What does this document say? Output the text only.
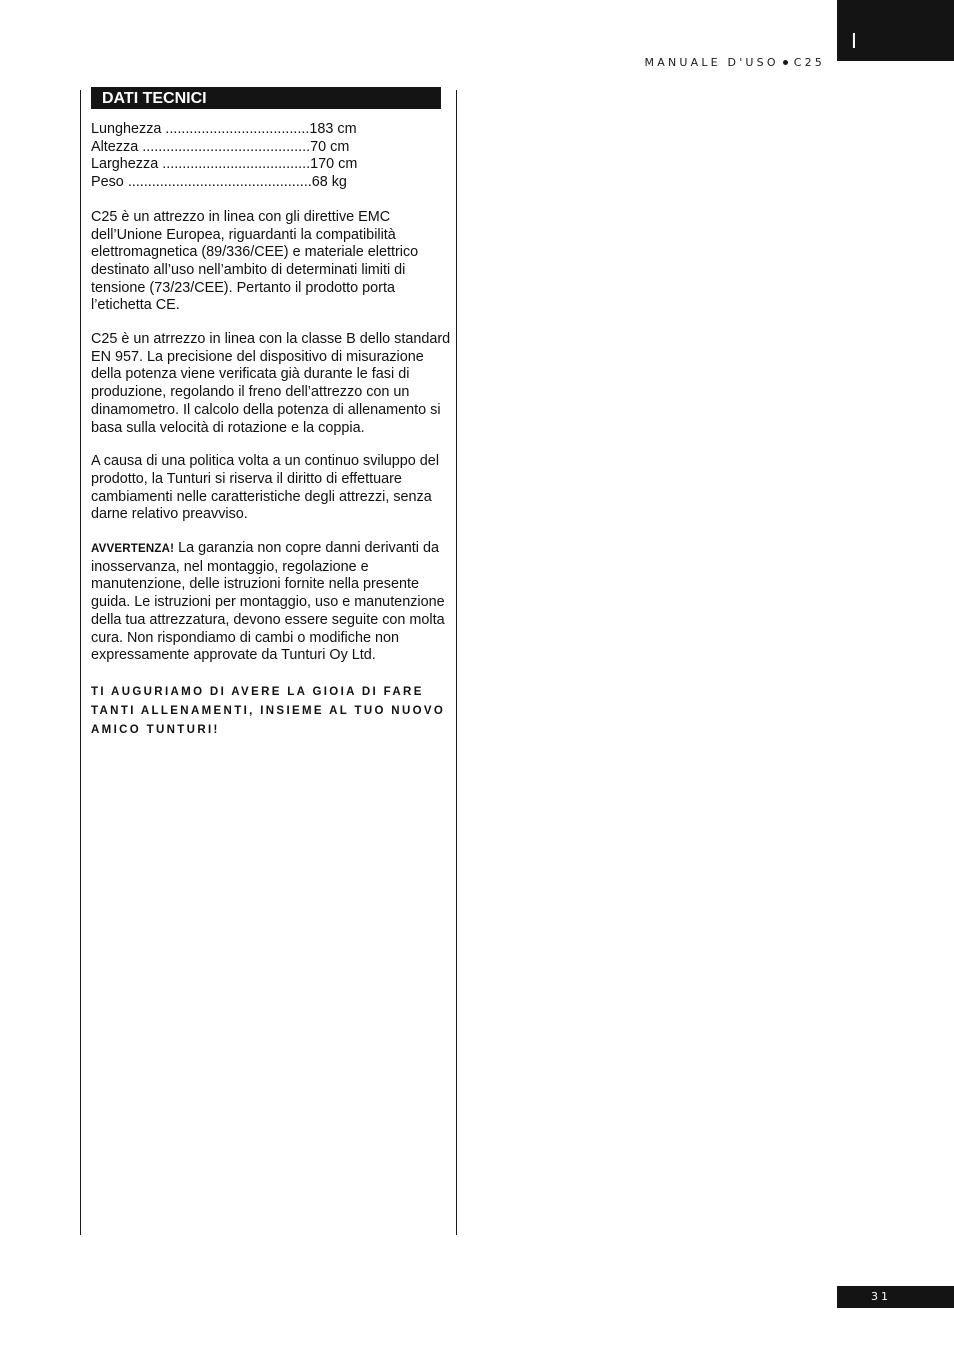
I
MANUALE D'USO C25
DATI TECNICI
Lunghezza ....................................183 cm
Altezza ..........................................70 cm
Larghezza .....................................170 cm
Peso ..............................................68 kg

C25 è un attrezzo in linea con gli direttive EMC dell’Unione Europea, riguardanti la compatibilità elettromagnetica (89/336/CEE) e materiale elettrico destinato all’uso nell’ambito di determinati limiti di tensione (73/23/CEE). Pertanto il prodotto porta l’etichetta CE.

C25 è un atrrezzo in linea con la classe B dello standard EN 957. La precisione del dispositivo di misurazione della potenza viene verificata già durante le fasi di produzione, regolando il freno dell’attrezzo con un dinamometro. Il calcolo della potenza di allenamento si basa sulla velocità di rotazione e la coppia.

A causa di una politica volta a un continuo sviluppo del prodotto, la Tunturi si riserva il diritto di effettuare cambiamenti nelle caratteristiche degli attrezzi, senza darne relativo preavviso.

AVVERTENZA! La garanzia non copre danni derivanti da inosservanza, nel montaggio, regolazione e manutenzione, delle istruzioni fornite nella presente guida. Le istruzioni per montaggio, uso e manutenzione della tua attrezzatura, devono essere seguite con molta cura. Non rispondiamo di cambi o modifiche non expressamente approvate da Tunturi Oy Ltd.

TI AUGURIAMO DI AVERE LA GIOIA DI FARE TANTI ALLENAMENTI, INSIEME AL TUO NUOVO AMICO TUNTURI!

31
